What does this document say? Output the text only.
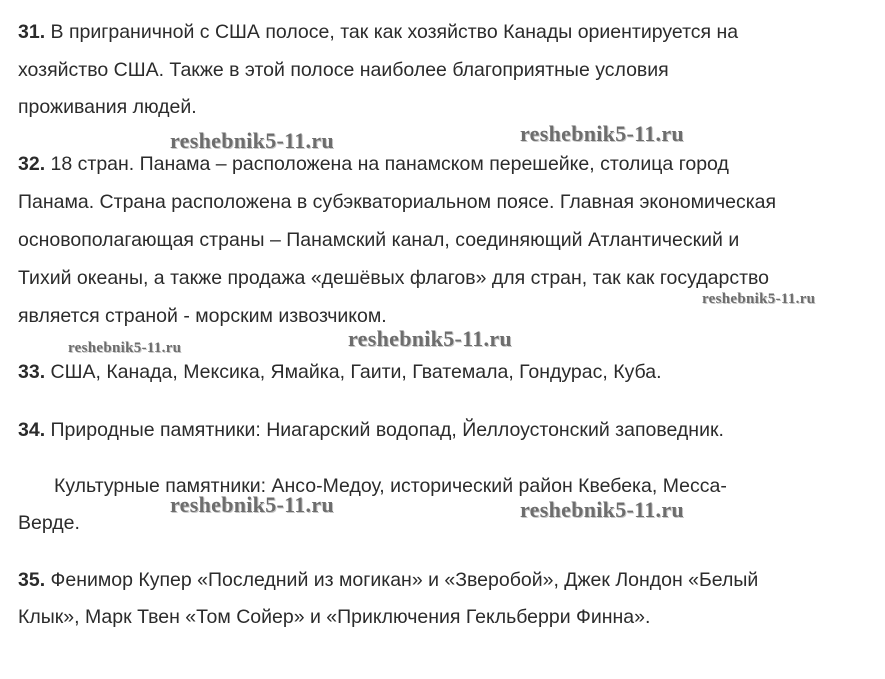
31. В приграничной с США полосе, так как хозяйство Канады ориентируется на
хозяйство США. Также в этой полосе наиболее благоприятные условия
проживания людей.
reshebnik5-11.ru	reshebnik5-11.ru
32. 18 стран. Панама – расположена на панамском перешейке, столица город
Панама. Страна расположена в субэкваториальном поясе. Главная экономическая
основополагающая страны – Панамский канал, соединяющий Атлантический и
Тихий океаны, а также продажа «дешёвых флагов» для стран, так как государство
является страной - морским извозчиком.
reshebnik5-11.ru
reshebnik5-11.ru
reshebnik5-11.ru
33. США, Канада, Мексика, Ямайка, Гаити, Гватемала, Гондурас, Куба.
34. Природные памятники: Ниагарский водопад, Йеллоустонский заповедник.
Культурные памятники: Ансо-Медоу, исторический район Квебека, Месса-
Верде.
reshebnik5-11.ru	reshebnik5-11.ru
35. Фенимор Купер «Последний из могикан» и «Зверобой», Джек Лондон «Белый
Клык», Марк Твен «Том Сойер» и «Приключения Гекльберри Финна».
